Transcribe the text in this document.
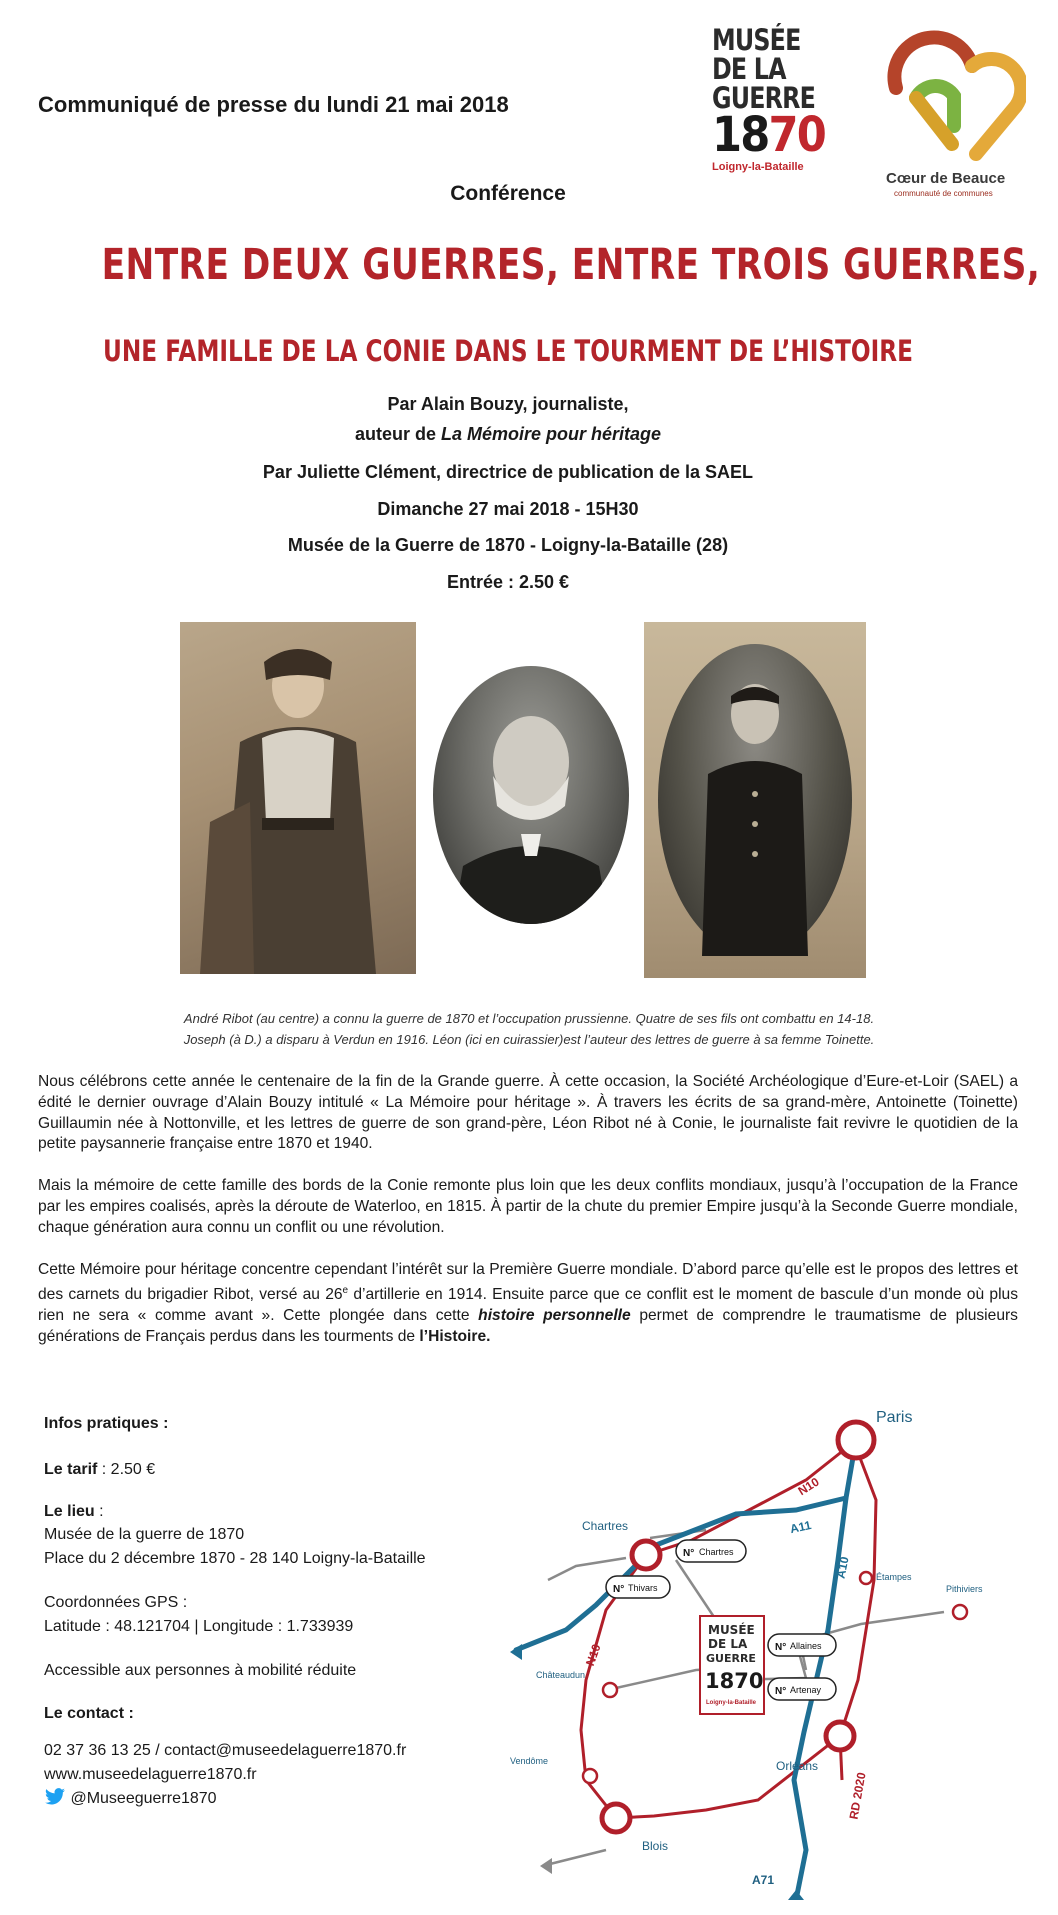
Communiqué de presse du lundi 21 mai 2018
MUSÉE
DE LA
GUERRE
1870
Loigny-la-Bataille
Cœur de Beauce
communauté de communes
Conférence
ENTRE DEUX GUERRES, ENTRE TROIS GUERRES,
UNE FAMILLE DE LA CONIE DANS LE TOURMENT DE L’HISTOIRE
Par Alain Bouzy, journaliste,
auteur de La Mémoire pour héritage
Par Juliette Clément, directrice de publication de la SAEL
Dimanche 27 mai 2018 - 15H30
Musée de la Guerre de 1870 - Loigny-la-Bataille (28)
Entrée : 2.50 €
André Ribot (au centre) a connu la guerre de 1870 et l’occupation prussienne. Quatre de ses fils ont combattu en 14-18.
Joseph (à D.) a disparu à Verdun en 1916. Léon (ici en cuirassier)est l’auteur des lettres de guerre à sa femme Toinette.
Nous célébrons cette année le centenaire de la fin de la Grande guerre. À cette occasion, la Société Archéologique d’Eure-et-Loir (SAEL) a édité le dernier ouvrage d’Alain Bouzy intitulé « La Mémoire pour héritage ». À travers les écrits de sa grand-mère, Antoinette (Toinette) Guillaumin née à Nottonville, et les lettres de guerre de son grand-père, Léon Ribot né à Conie, le journaliste fait revivre le quotidien de la petite paysannerie française entre 1870 et 1940.
Mais la mémoire de cette famille des bords de la Conie remonte plus loin que les deux conflits mondiaux, jusqu’à l’occupation de la France par les empires coalisés, après la déroute de Waterloo, en 1815. À partir de la chute du premier Empire jusqu’à la Seconde Guerre mondiale, chaque génération aura connu un conflit ou une révolution.
Cette Mémoire pour héritage concentre cependant l’intérêt sur la Première Guerre mondiale. D’abord parce qu’elle est le propos des lettres et des carnets du brigadier Ribot, versé au 26e d’artillerie en 1914. Ensuite parce que ce conflit est le moment de bascule d’un monde où plus rien ne sera « comme avant ». Cette plongée dans cette histoire personnelle permet de comprendre le traumatisme de plusieurs générations de Français perdus dans les tourments de l’Histoire.
Infos pratiques :
Le tarif : 2.50 €
Le lieu :
Musée de la guerre de 1870
Place du 2 décembre 1870 - 28 140 Loigny-la-Bataille
Coordonnées GPS :
Latitude : 48.121704 | Longitude : 1.733939
Accessible aux personnes à mobilité réduite
Le contact :
02 37 36 13 25 / contact@museedelaguerre1870.fr
www.museedelaguerre1870.fr
@Museeguerre1870
Paris
Chartres
Étampes
Pithiviers
Châteaudun
Vendôme	Orléans
Blois
N10
A11
A10
N10
RD 2020
A71
N° Chartres
N° Thivars
N° Allaines
N° Artenay
MUSÉE
DE LA
GUERRE
1870
Loigny-la-Bataille
